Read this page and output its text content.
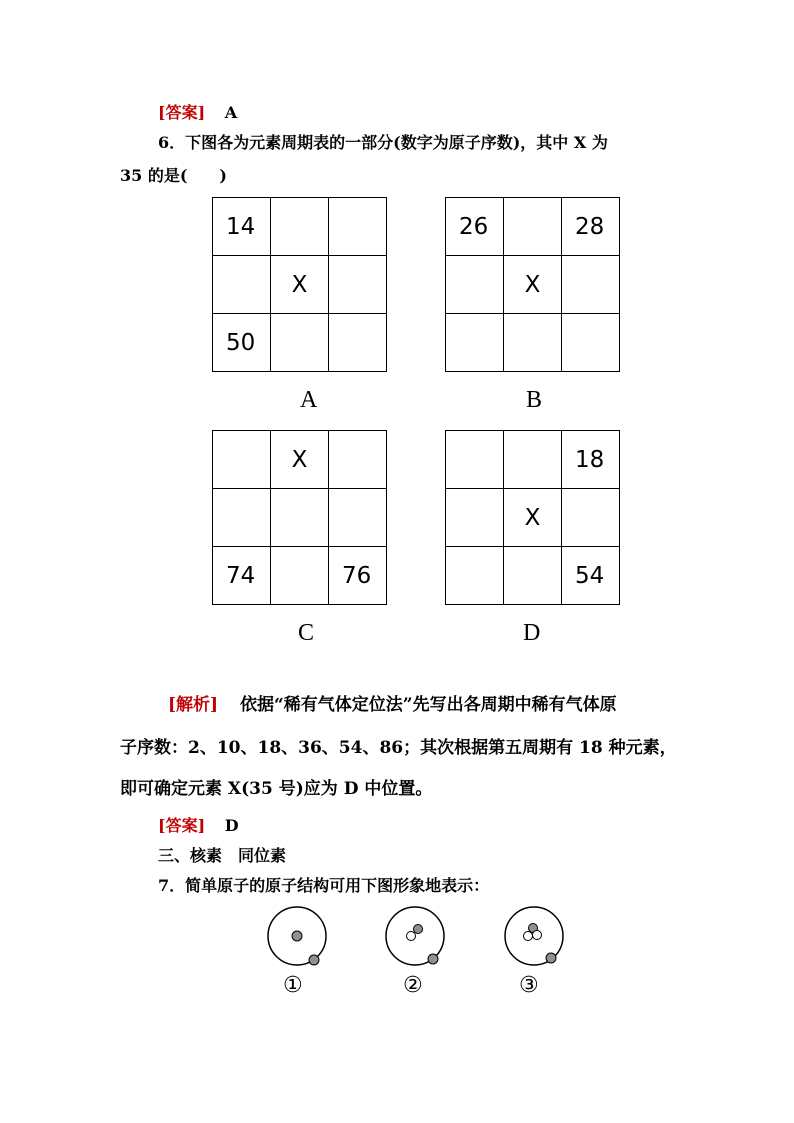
[答案] A
6．下图各为元素周期表的一部分(数字为原子序数)，其中 X 为
35 的是(　　)
14		
	X	
50		
A
26		28
	X	

B
	X	

74		76
C
		18
	X	
		54
D
[解析] 依据“稀有气体定位法”先写出各周期中稀有气体原
子序数：2、10、18、36、54、86；其次根据第五周期有 18 种元素，
即可确定元素 X(35 号)应为 D 中位置。
[答案] D
三、核素　同位素
7．简单原子的原子结构可用下图形象地表示：
①	②	③
